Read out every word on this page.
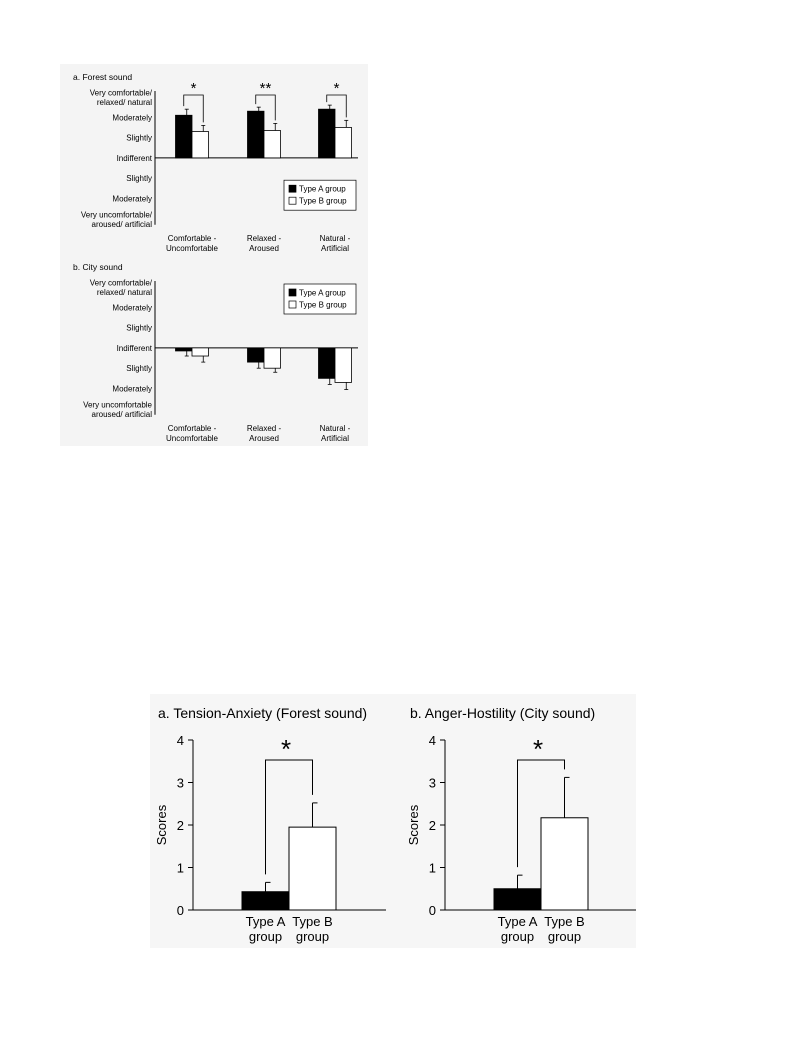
a. Forest sound
Very comfortable/
relaxed/ natural
Moderately
Slightly
Indifferent
Slightly
Moderately
Very uncomfortable/
aroused/ artificial
*	**	*
Comfortable -
Uncomfortable
Relaxed -
Aroused
Natural -
Artificial
Type A group
Type B group
b. City sound
Very comfortable/
relaxed/ natural
Moderately
Slightly
Indifferent
Slightly
Moderately
Very uncomfortable
aroused/ artificial
Comfortable -
Uncomfortable
Relaxed -
Aroused
Natural -
Artificial
Type A group
Type B group
a. Tension-Anxiety (Forest sound)
0
1
2
3
4
Scores
Type A
group
Type B
group
*
b. Anger-Hostility (City sound)
0
1
2
3
4
Scores
Type A
group
Type B
group
*
